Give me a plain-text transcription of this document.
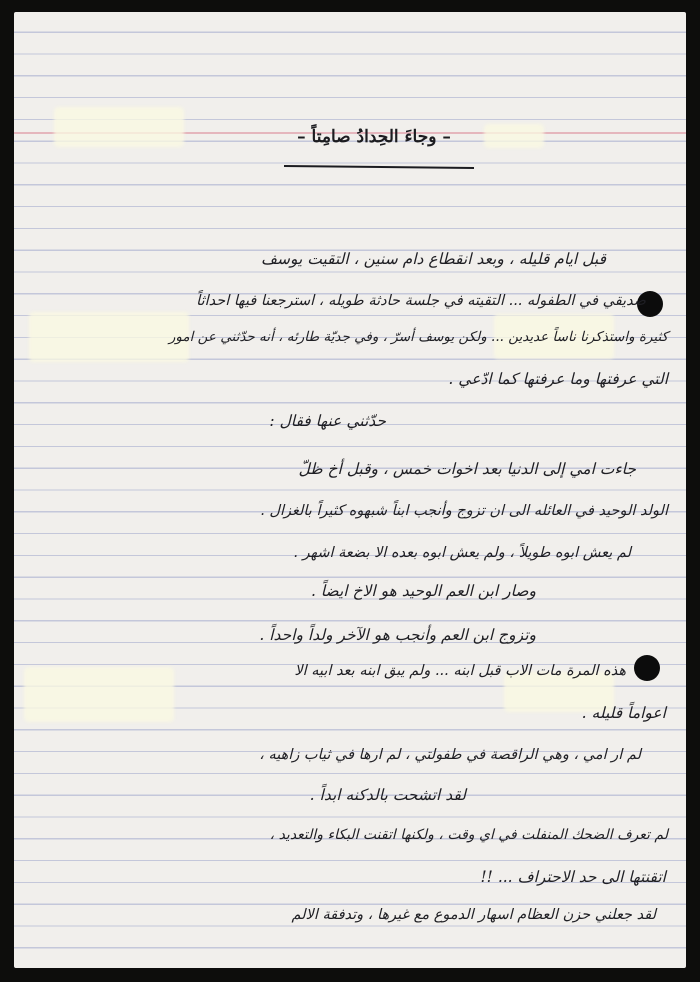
– وجاءَ الحِدادُ صامِتاً –
قبل ايام قليله ، وبعد انقطاع دام سنين ، التقيت يوسف
صديقي في الطفوله ... التقيته في جلسة حادثة طويله ، استرجعنا فيها احداثاً
كثيرة واستذكرنا ناساً عديدين ... ولكن يوسف أسرّ ، وفي جديّة طارئه ، أنه حدّثني عن امور
التي عرفتها وما عرفتها كما ادّعي .
حدّثني عنها فقال :
جاءت امي إلى الدنيا بعد اخوات خمس ، وقبل أخ ظلّ
الولد الوحيد في العائله الى ان تزوج وأنجب ابناً شبهوه كثيراً بالغزال .
لم يعش ابوه طويلاً ، ولم يعش ابوه بعده الا بضعة اشهر .
وصار ابن العم الوحيد هو الاخ ايضاً .
وتزوج ابن العم وأنجب هو الآخر ولداً واحداً .
هذه المرة مات الاب قبل ابنه ... ولم يبق ابنه بعد ابيه الا
اعواماً قليله .
لم ار امي ، وهي الراقصة في طفولتي ، لم ارها في ثياب زاهيه ،
لقد اتشحت بالدكنه ابداً .
لم تعرف الضحك المنفلت في اي وقت ، ولكنها اتقنت البكاء والتعديد ،
اتقنتها الى حد الاحتراف ... !!
لقد جعلني حزن العظام اسهار الدموع مع غيرها ، وتدفقة الالم
